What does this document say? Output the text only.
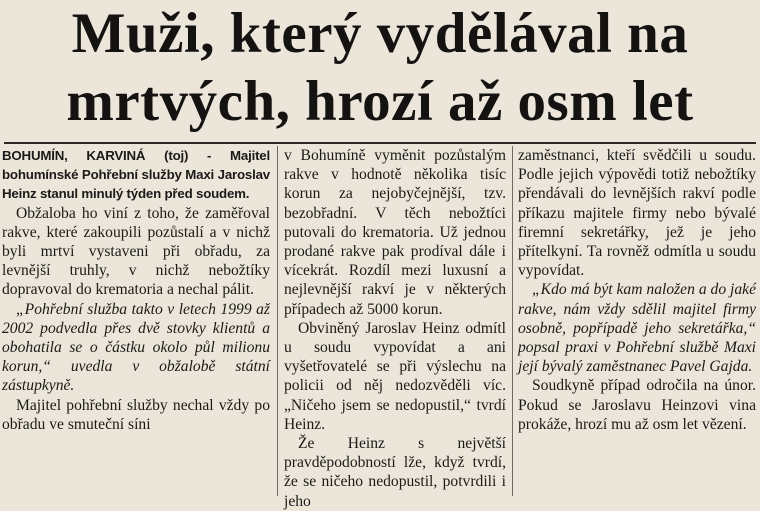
Muži, který vydělával na
mrtvých, hrozí až osm let

BOHUMÍN, KARVINÁ (toj) - Majitel bohumínské Pohřební služby Maxi Jaroslav Heinz stanul minulý týden před soudem.

Obžaloba ho viní z toho, že zaměřoval rakve, které zakoupili pozůstalí a v nichž byli mrtví vystaveni při obřadu, za levnější truhly, v nichž nebožtíky dopravoval do krematoria a nechal pálit.

„Pohřební služba takto v letech 1999 až 2002 podvedla přes dvě stovky klientů a obohatila se o částku okolo půl milionu korun,“ uvedla v obžalobě státní zástupkyně.

Majitel pohřební služby nechal vždy po obřadu ve smuteční síni

v Bohumíně vyměnit pozůstalým rakve v hodnotě několika tisíc korun za nejobyčejnější, tzv. bezobřadní. V těch nebožtíci putovali do krematoria. Už jednou prodané rakve pak prodíval dále i vícekrát. Rozdíl mezi luxusní a nejlevnější rakví je v některých případech až 5000 korun.

Obviněný Jaroslav Heinz odmítl u soudu vypovídat a ani vyšetřovatelé se při výslechu na policii od něj nedozvěděli víc. „Ničeho jsem se nedopustil,“ tvrdí Heinz.

Že Heinz s největší pravděpodobností lže, když tvrdí, že se ničeho nedopustil, potvrdili i jeho

zaměstnanci, kteří svědčili u soudu. Podle jejich výpovědi totiž nebožtíky přendávali do levnějších rakví podle příkazu majitele firmy nebo bývalé firemní sekretářky, jež je jeho přítelkyní. Ta rovněž odmítla u soudu vypovídat.

„Kdo má být kam naložen a do jaké rakve, nám vždy sdělil majitel firmy osobně, popřípadě jeho sekretářka,“ popsal praxi v Pohřební službě Maxi její bývalý zaměstnanec Pavel Gajda.

Soudkyně případ odročila na únor. Pokud se Jaroslavu Heinzovi vina prokáže, hrozí mu až osm let vězení.
